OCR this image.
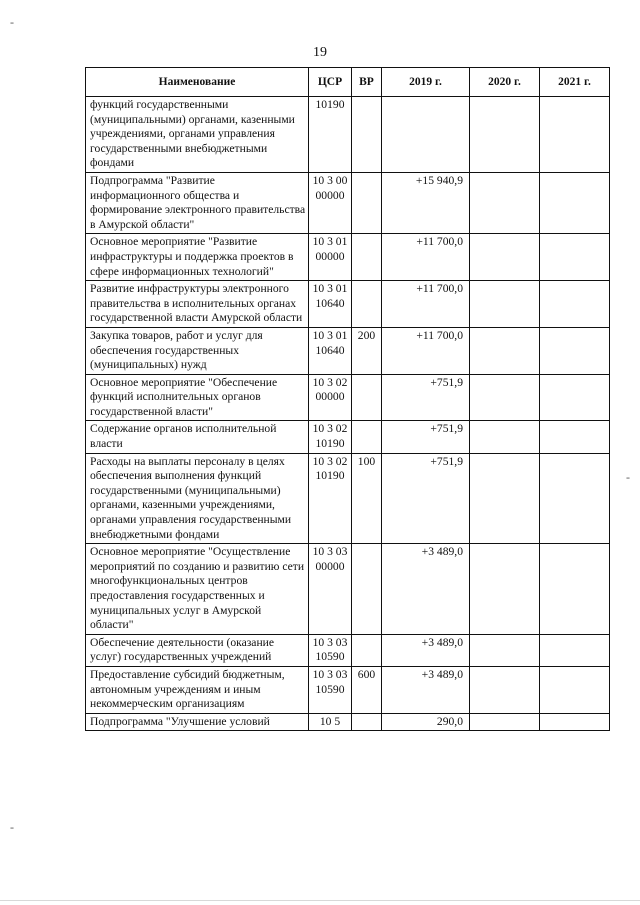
19
-
-
-
Наименование	ЦСР	ВР	2019 г.	2020 г.	2021 г.
функций государственными (муниципальными) органами, казенными учреждениями, органами управления государственными внебюджетными фондами	10190				
Подпрограмма "Развитие информационного общества и формирование электронного правительства в Амурской области"	10 3 00 00000		+15 940,9		
Основное мероприятие "Развитие инфраструктуры и поддержка проектов в сфере информационных технологий"	10 3 01 00000		+11 700,0		
Развитие инфраструктуры электронного правительства в исполнительных органах государственной власти Амурской области	10 3 01 10640		+11 700,0		
Закупка товаров, работ и услуг для обеспечения государственных (муниципальных) нужд	10 3 01 10640	200	+11 700,0		
Основное мероприятие "Обеспечение функций исполнительных органов государственной власти"	10 3 02 00000		+751,9		
Содержание органов исполнительной власти	10 3 02 10190		+751,9		
Расходы на выплаты персоналу в целях обеспечения выполнения функций государственными (муниципальными) органами, казенными учреждениями, органами управления государственными внебюджетными фондами	10 3 02 10190	100	+751,9		
Основное мероприятие "Осуществление мероприятий по созданию и развитию сети многофункциональных центров предоставления государственных и муниципальных услуг в Амурской области"	10 3 03 00000		+3 489,0		
Обеспечение деятельности (оказание услуг) государственных учреждений	10 3 03 10590		+3 489,0		
Предоставление субсидий бюджетным, автономным учреждениям и иным некоммерческим организациям	10 3 03 10590	600	+3 489,0		
Подпрограмма "Улучшение условий	10 5		290,0		
